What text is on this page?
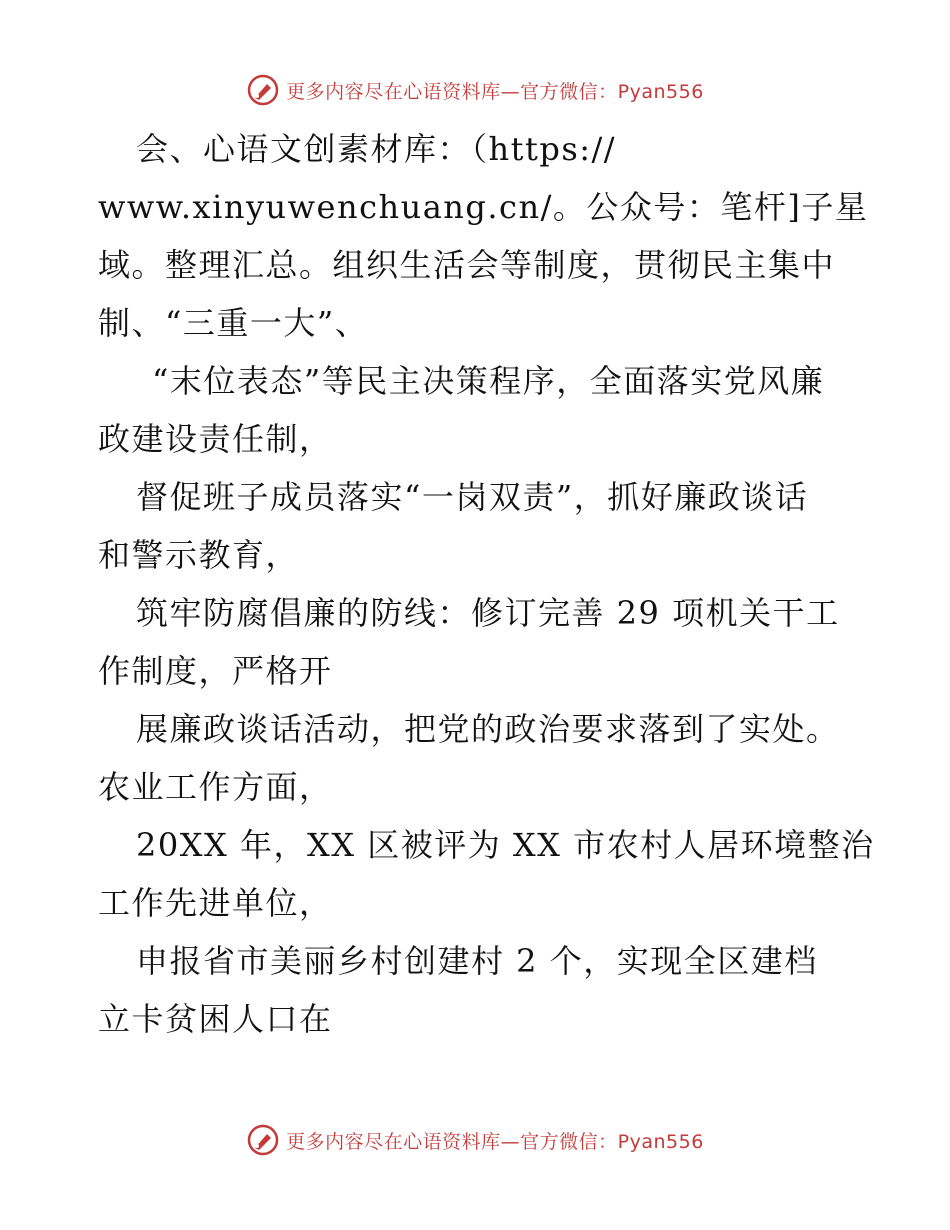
更多内容尽在心语资料库—官方微信：Pyan556
会、心语文创素材库：（https://
www.xinyuwenchuang.cn/。公众号：笔杆]子星
域。整理汇总。组织生活会等制度，贯彻民主集中
制、“三重一大”、
“末位表态”等民主决策程序，全面落实党风廉
政建设责任制，
督促班子成员落实“一岗双责”，抓好廉政谈话
和警示教育，
筑牢防腐倡廉的防线：修订完善 29 项机关干工
作制度，严格开
展廉政谈话活动，把党的政治要求落到了实处。
农业工作方面，
20XX 年，XX 区被评为 XX 市农村人居环境整治
工作先进单位，
申报省市美丽乡村创建村 2 个，实现全区建档
立卡贫困人口在
更多内容尽在心语资料库—官方微信：Pyan556
